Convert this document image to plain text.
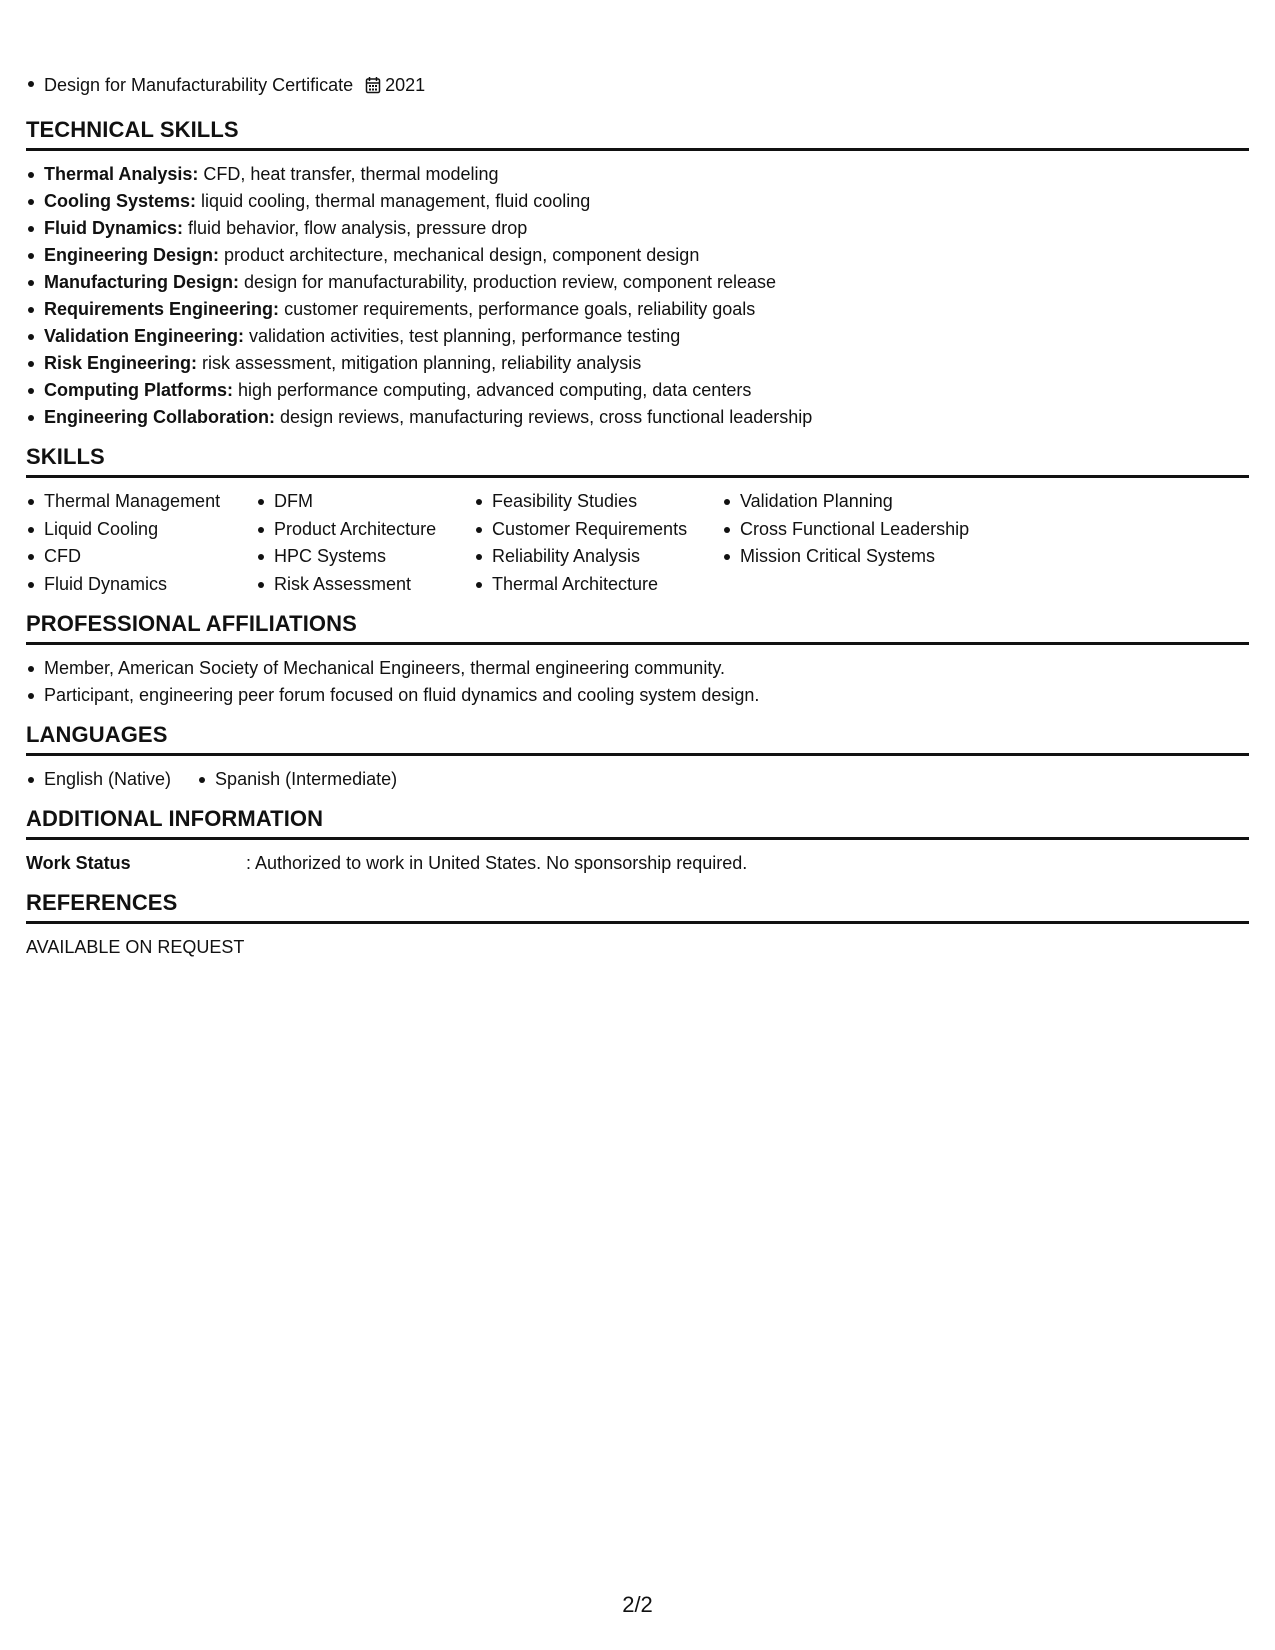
Design for Manufacturability Certificate 2021
TECHNICAL SKILLS
Thermal Analysis: CFD, heat transfer, thermal modeling
Cooling Systems: liquid cooling, thermal management, fluid cooling
Fluid Dynamics: fluid behavior, flow analysis, pressure drop
Engineering Design: product architecture, mechanical design, component design
Manufacturing Design: design for manufacturability, production review, component release
Requirements Engineering: customer requirements, performance goals, reliability goals
Validation Engineering: validation activities, test planning, performance testing
Risk Engineering: risk assessment, mitigation planning, reliability analysis
Computing Platforms: high performance computing, advanced computing, data centers
Engineering Collaboration: design reviews, manufacturing reviews, cross functional leadership
SKILLS
Thermal Management
Liquid Cooling
CFD
Fluid Dynamics
DFM
Product Architecture
HPC Systems
Risk Assessment
Feasibility Studies
Customer Requirements
Reliability Analysis
Thermal Architecture
Validation Planning
Cross Functional Leadership
Mission Critical Systems
PROFESSIONAL AFFILIATIONS
Member, American Society of Mechanical Engineers, thermal engineering community.
Participant, engineering peer forum focused on fluid dynamics and cooling system design.
LANGUAGES
English (Native)	Spanish (Intermediate)
ADDITIONAL INFORMATION
Work Status	: Authorized to work in United States. No sponsorship required.
REFERENCES
AVAILABLE ON REQUEST
2/2
